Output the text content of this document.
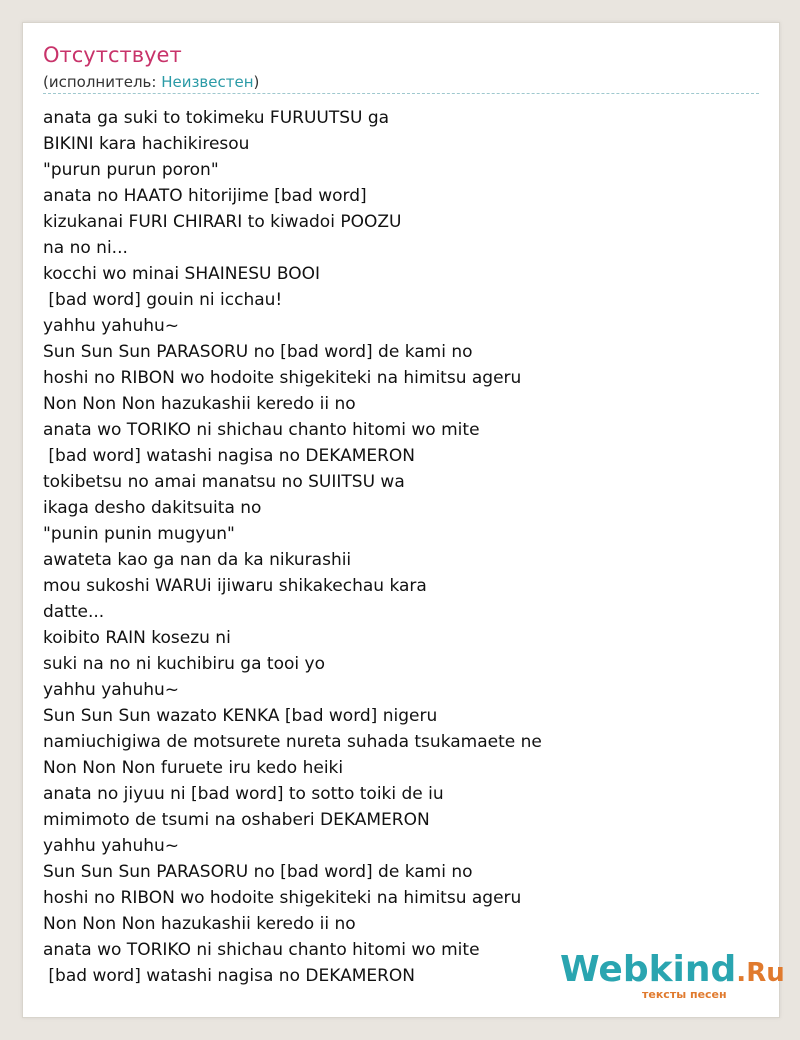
Отсутствует
(исполнитель: Неизвестен)
anata ga suki to tokimeku FURUUTSU ga
BIKINI kara hachikiresou
"purun purun poron"
anata no HAATO hitorijime [bad word]
kizukanai FURI CHIRARI to kiwadoi POOZU
na no ni...
kocchi wo minai SHAINESU BOOI
[bad word] gouin ni icchau!
yahhu yahuhu~
Sun Sun Sun PARASORU no [bad word] de kami no
hoshi no RIBON wo hodoite shigekiteki na himitsu ageru
Non Non Non hazukashii keredo ii no
anata wo TORIKO ni shichau chanto hitomi wo mite
[bad word] watashi nagisa no DEKAMERON
tokibetsu no amai manatsu no SUIITSU wa
ikaga desho dakitsuita no
"punin punin mugyun"
awateta kao ga nan da ka nikurashii
mou sukoshi WARUi ijiwaru shikakechau kara
datte...
koibito RAIN kosezu ni
suki na no ni kuchibiru ga tooi yo
yahhu yahuhu~
Sun Sun Sun wazato KENKA [bad word] nigeru
namiuchigiwa de motsurete nureta suhada tsukamaete ne
Non Non Non furuete iru kedo heiki
anata no jiyuu ni [bad word] to sotto toiki de iu
mimimoto de tsumi na oshaberi DEKAMERON
yahhu yahuhu~
Sun Sun Sun PARASORU no [bad word] de kami no
hoshi no RIBON wo hodoite shigekiteki na himitsu ageru
Non Non Non hazukashii keredo ii no
anata wo TORIKO ni shichau chanto hitomi wo mite
[bad word] watashi nagisa no DEKAMERON	Webkind.Ru
тексты песен
